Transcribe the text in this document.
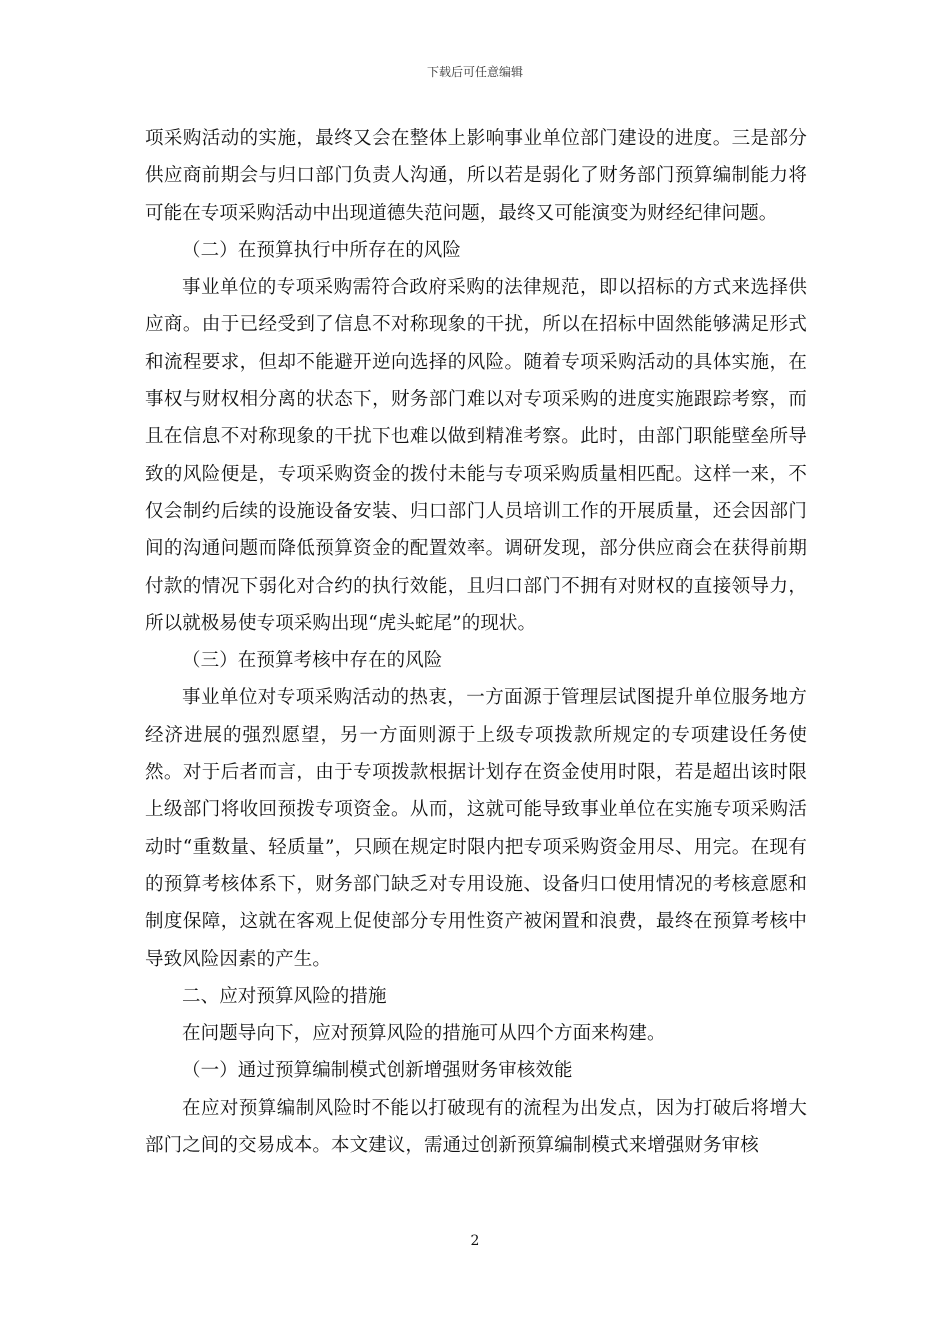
下载后可任意编辑

项采购活动的实施，最终又会在整体上影响事业单位部门建设的进度。三是部分供应商前期会与归口部门负责人沟通，所以若是弱化了财务部门预算编制能力将可能在专项采购活动中出现道德失范问题，最终又可能演变为财经纪律问题。

（二）在预算执行中所存在的风险

事业单位的专项采购需符合政府采购的法律规范，即以招标的方式来选择供应商。由于已经受到了信息不对称现象的干扰，所以在招标中固然能够满足形式和流程要求，但却不能避开逆向选择的风险。随着专项采购活动的具体实施，在事权与财权相分离的状态下，财务部门难以对专项采购的进度实施跟踪考察，而且在信息不对称现象的干扰下也难以做到精准考察。此时，由部门职能壁垒所导致的风险便是，专项采购资金的拨付未能与专项采购质量相匹配。这样一来，不仅会制约后续的设施设备安装、归口部门人员培训工作的开展质量，还会因部门间的沟通问题而降低预算资金的配置效率。调研发现，部分供应商会在获得前期付款的情况下弱化对合约的执行效能，且归口部门不拥有对财权的直接领导力，所以就极易使专项采购出现“虎头蛇尾”的现状。

（三）在预算考核中存在的风险

事业单位对专项采购活动的热衷，一方面源于管理层试图提升单位服务地方经济进展的强烈愿望，另一方面则源于上级专项拨款所规定的专项建设任务使然。对于后者而言，由于专项拨款根据计划存在资金使用时限，若是超出该时限上级部门将收回预拨专项资金。从而，这就可能导致事业单位在实施专项采购活动时“重数量、轻质量”，只顾在规定时限内把专项采购资金用尽、用完。在现有的预算考核体系下，财务部门缺乏对专用设施、设备归口使用情况的考核意愿和制度保障，这就在客观上促使部分专用性资产被闲置和浪费，最终在预算考核中导致风险因素的产生。

二、应对预算风险的措施

在问题导向下，应对预算风险的措施可从四个方面来构建。

（一）通过预算编制模式创新增强财务审核效能

在应对预算编制风险时不能以打破现有的流程为出发点，因为打破后将增大部门之间的交易成本。本文建议，需通过创新预算编制模式来增强财务审核

2
